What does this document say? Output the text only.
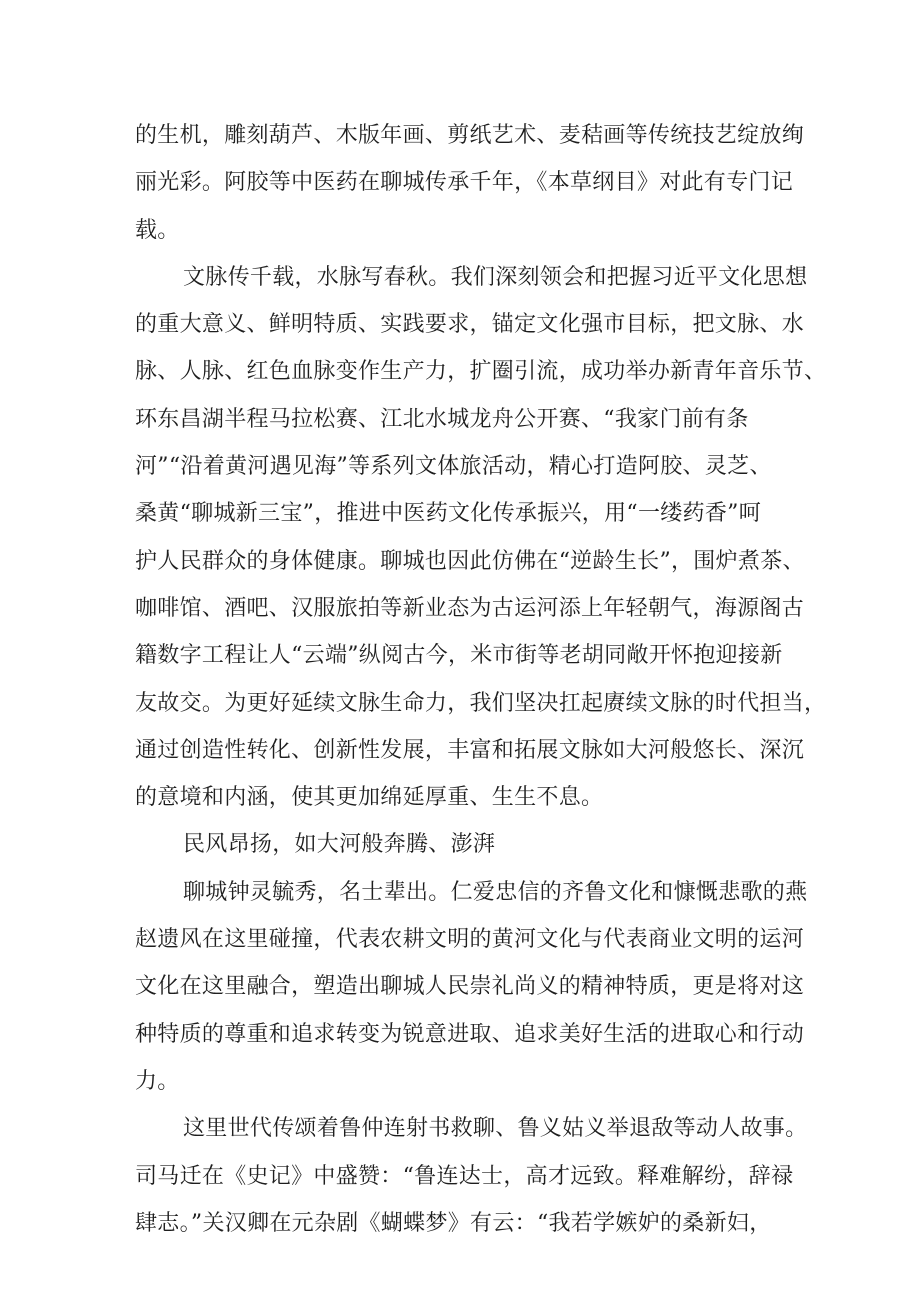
的生机，雕刻葫芦、木版年画、剪纸艺术、麦秸画等传统技艺绽放绚
丽光彩。阿胶等中医药在聊城传承千年，《本草纲目》对此有专门记
载。
文脉传千载，水脉写春秋。我们深刻领会和把握习近平文化思想
的重大意义、鲜明特质、实践要求，锚定文化强市目标，把文脉、水
脉、人脉、红色血脉变作生产力，扩圈引流，成功举办新青年音乐节、
环东昌湖半程马拉松赛、江北水城龙舟公开赛、“我家门前有条
河”“沿着黄河遇见海”等系列文体旅活动，精心打造阿胶、灵芝、
桑黄“聊城新三宝”，推进中医药文化传承振兴，用“一缕药香”呵
护人民群众的身体健康。聊城也因此仿佛在“逆龄生长”，围炉煮茶、
咖啡馆、酒吧、汉服旅拍等新业态为古运河添上年轻朝气，海源阁古
籍数字工程让人“云端”纵阅古今，米市街等老胡同敞开怀抱迎接新
友故交。为更好延续文脉生命力，我们坚决扛起赓续文脉的时代担当，
通过创造性转化、创新性发展，丰富和拓展文脉如大河般悠长、深沉
的意境和内涵，使其更加绵延厚重、生生不息。
民风昂扬，如大河般奔腾、澎湃
聊城钟灵毓秀，名士辈出。仁爱忠信的齐鲁文化和慷慨悲歌的燕
赵遗风在这里碰撞，代表农耕文明的黄河文化与代表商业文明的运河
文化在这里融合，塑造出聊城人民崇礼尚义的精神特质，更是将对这
种特质的尊重和追求转变为锐意进取、追求美好生活的进取心和行动
力。
这里世代传颂着鲁仲连射书救聊、鲁义姑义举退敌等动人故事。
司马迁在《史记》中盛赞：“鲁连达士，高才远致。释难解纷，辞禄
肆志。”关汉卿在元杂剧《蝴蝶梦》有云：“我若学嫉妒的桑新妇，
